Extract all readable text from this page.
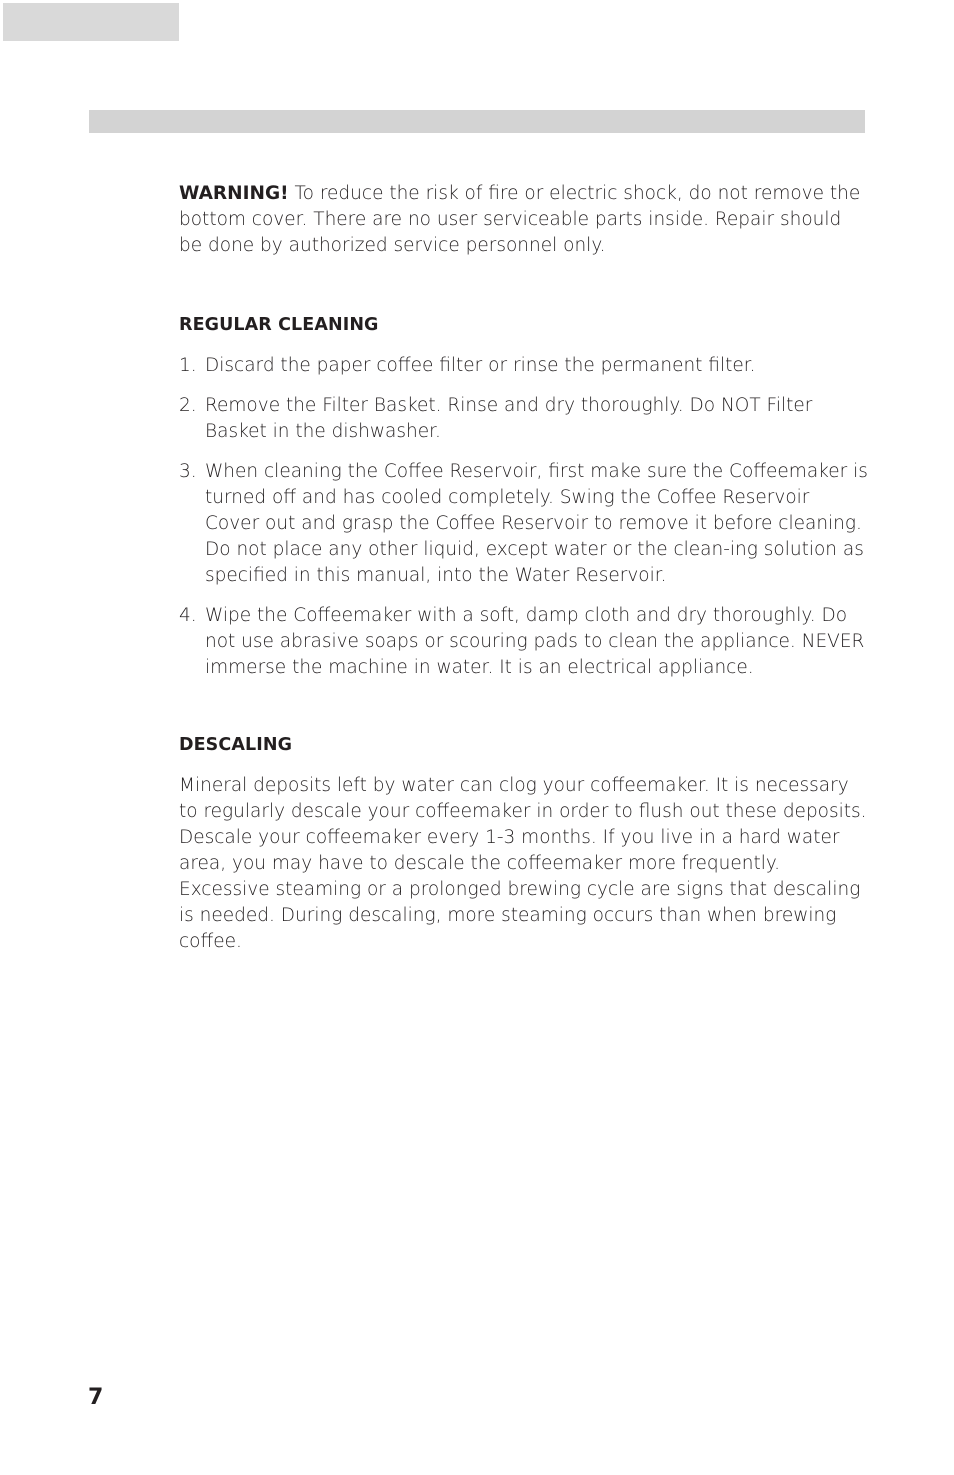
WARNING! To reduce the risk of fire or electric shock, do not remove the bottom cover. There are no user serviceable parts inside. Repair should be done by authorized service personnel only.

REGULAR CLEANING
1. Discard the paper coffee filter or rinse the permanent filter.
2. Remove the Filter Basket. Rinse and dry thoroughly. Do NOT Filter Basket in the dishwasher.
3. When cleaning the Coffee Reservoir, first make sure the Coffeemaker is turned off and has cooled completely. Swing the Coffee Reservoir Cover out and grasp the Coffee Reservoir to remove it before cleaning. Do not place any other liquid, except water or the clean-ing solution as specified in this manual, into the Water Reservoir.
4. Wipe the Coffeemaker with a soft, damp cloth and dry thoroughly. Do not use abrasive soaps or scouring pads to clean the appliance. NEVER immerse the machine in water. It is an electrical appliance.
DESCALING

Mineral deposits left by water can clog your coffeemaker. It is necessary to regularly descale your coffeemaker in order to flush out these deposits. Descale your coffeemaker every 1-3 months. If you live in a hard water area, you may have to descale the coffeemaker more frequently. Excessive steaming or a prolonged brewing cycle are signs that descaling is needed. During descaling, more steaming occurs than when brewing coffee.

7
